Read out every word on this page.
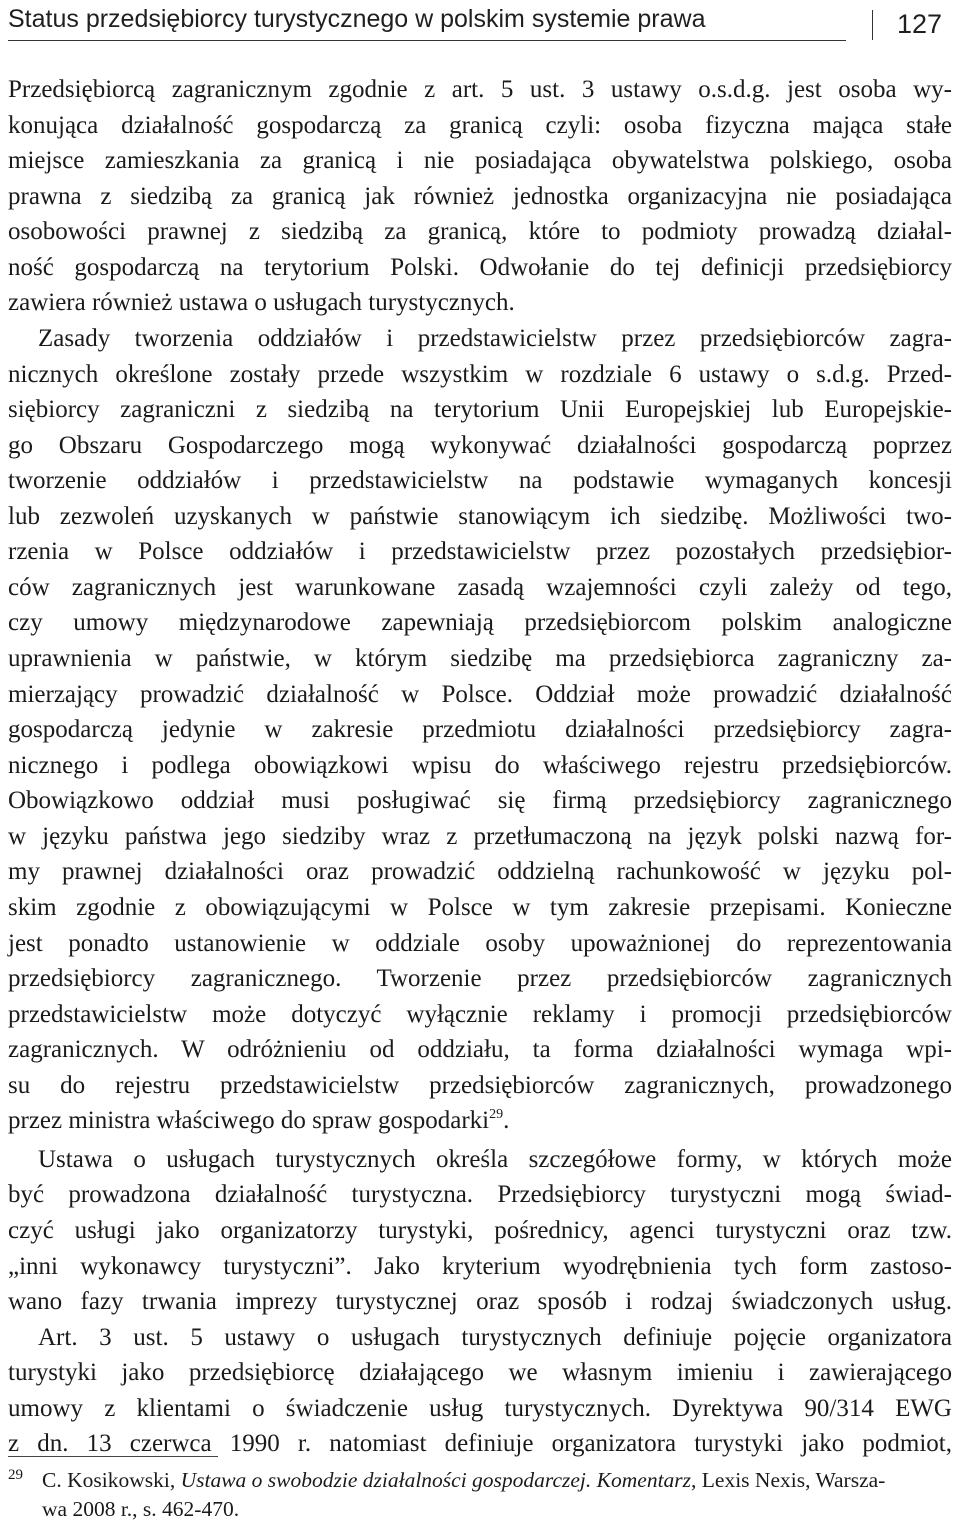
Status przedsiębiorcy turystycznego w polskim systemie prawa	127
Przedsiębiorcą zagranicznym zgodnie z art. 5 ust. 3 ustawy o.s.d.g. jest osoba wy-
konująca działalność gospodarczą za granicą czyli: osoba fizyczna mająca stałe
miejsce zamieszkania za granicą i nie posiadająca obywatelstwa polskiego, osoba
prawna z siedzibą za granicą jak również jednostka organizacyjna nie posiadająca
osobowości prawnej z siedzibą za granicą, które to podmioty prowadzą działal-
ność gospodarczą na terytorium Polski. Odwołanie do tej definicji przedsiębiorcy
zawiera również ustawa o usługach turystycznych.
Zasady tworzenia oddziałów i przedstawicielstw przez przedsiębiorców zagra-
nicznych określone zostały przede wszystkim w rozdziale 6 ustawy o s.d.g. Przed-
siębiorcy zagraniczni z siedzibą na terytorium Unii Europejskiej lub Europejskie-
go Obszaru Gospodarczego mogą wykonywać działalności gospodarczą poprzez
tworzenie oddziałów i przedstawicielstw na podstawie wymaganych koncesji
lub zezwoleń uzyskanych w państwie stanowiącym ich siedzibę. Możliwości two-
rzenia w Polsce oddziałów i przedstawicielstw przez pozostałych przedsiębior-
ców zagranicznych jest warunkowane zasadą wzajemności czyli zależy od tego,
czy umowy międzynarodowe zapewniają przedsiębiorcom polskim analogiczne
uprawnienia w państwie, w którym siedzibę ma przedsiębiorca zagraniczny za-
mierzający prowadzić działalność w Polsce. Oddział może prowadzić działalność
gospodarczą jedynie w zakresie przedmiotu działalności przedsiębiorcy zagra-
nicznego i podlega obowiązkowi wpisu do właściwego rejestru przedsiębiorców.
Obowiązkowo oddział musi posługiwać się firmą przedsiębiorcy zagranicznego
w języku państwa jego siedziby wraz z przetłumaczoną na język polski nazwą for-
my prawnej działalności oraz prowadzić oddzielną rachunkowość w języku pol-
skim zgodnie z obowiązującymi w Polsce w tym zakresie przepisami. Konieczne
jest ponadto ustanowienie w oddziale osoby upoważnionej do reprezentowania
przedsiębiorcy zagranicznego. Tworzenie przez przedsiębiorców zagranicznych
przedstawicielstw może dotyczyć wyłącznie reklamy i promocji przedsiębiorców
zagranicznych. W odróżnieniu od oddziału, ta forma działalności wymaga wpi-
su do rejestru przedstawicielstw przedsiębiorców zagranicznych, prowadzonego
przez ministra właściwego do spraw gospodarki$^{29}$.
Ustawa o usługach turystycznych określa szczegółowe formy, w których może
być prowadzona działalność turystyczna. Przedsiębiorcy turystyczni mogą świad-
czyć usługi jako organizatorzy turystyki, pośrednicy, agenci turystyczni oraz tzw.
„inni wykonawcy turystyczni”. Jako kryterium wyodrębnienia tych form zastoso-
wano fazy trwania imprezy turystycznej oraz sposób i rodzaj świadczonych usług.
Art. 3 ust. 5 ustawy o usługach turystycznych definiuje pojęcie organizatora
turystyki jako przedsiębiorcę działającego we własnym imieniu i zawierającego
umowy z klientami o świadczenie usług turystycznych. Dyrektywa 90/314 EWG
z dn. 13 czerwca 1990 r. natomiast definiuje organizatora turystyki jako podmiot,
29 C. Kosikowski, Ustawa o swobodzie działalności gospodarczej. Komentarz, Lexis Nexis, Warsza-
wa 2008 r., s. 462-470.
